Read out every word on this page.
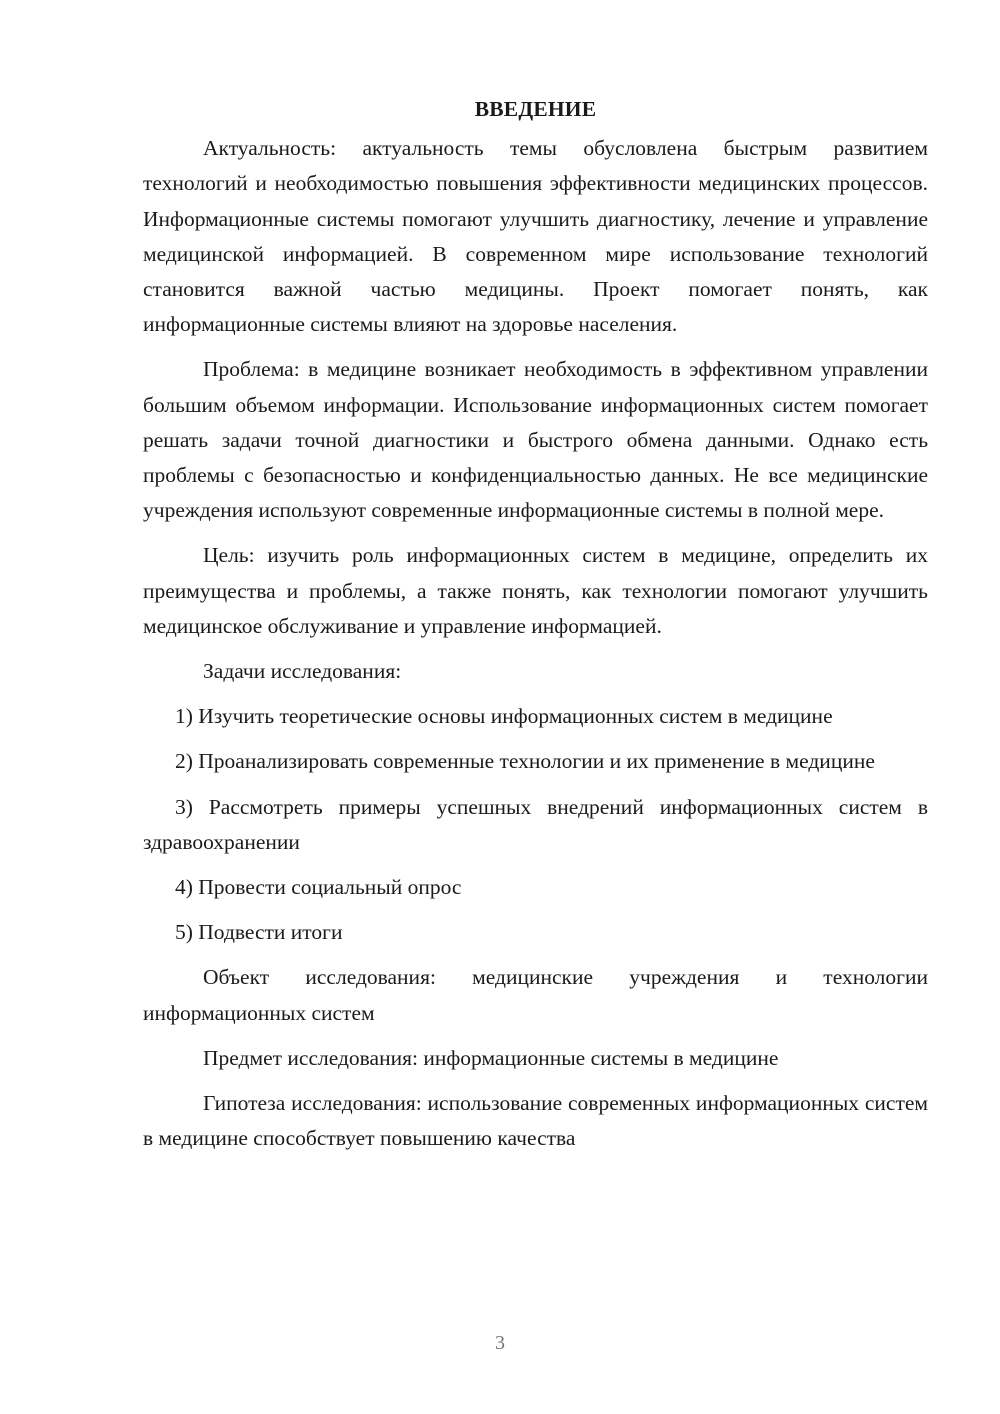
ВВЕДЕНИЕ

Актуальность: актуальность темы обусловлена быстрым развитием технологий и необходимостью повышения эффективности медицинских процессов. Информационные системы помогают улучшить диагностику, лечение и управление медицинской информацией. В современном мире использование технологий становится важной частью медицины. Проект помогает понять, как информационные системы влияют на здоровье населения.

Проблема: в медицине возникает необходимость в эффективном управлении большим объемом информации. Использование информационных систем помогает решать задачи точной диагностики и быстрого обмена данными. Однако есть проблемы с безопасностью и конфиденциальностью данных. Не все медицинские учреждения используют современные информационные системы в полной мере.

Цель: изучить роль информационных систем в медицине, определить их преимущества и проблемы, а также понять, как технологии помогают улучшить медицинское обслуживание и управление информацией.

Задачи исследования:

1) Изучить теоретические основы информационных систем в медицине

2) Проанализировать современные технологии и их применение в медицине

3) Рассмотреть примеры успешных внедрений информационных систем в здравоохранении

4) Провести социальный опрос

5) Подвести итоги

Объект исследования: медицинские учреждения и технологии информационных систем

Предмет исследования: информационные системы в медицине

Гипотеза исследования: использование современных информационных систем в медицине способствует повышению качества

3
